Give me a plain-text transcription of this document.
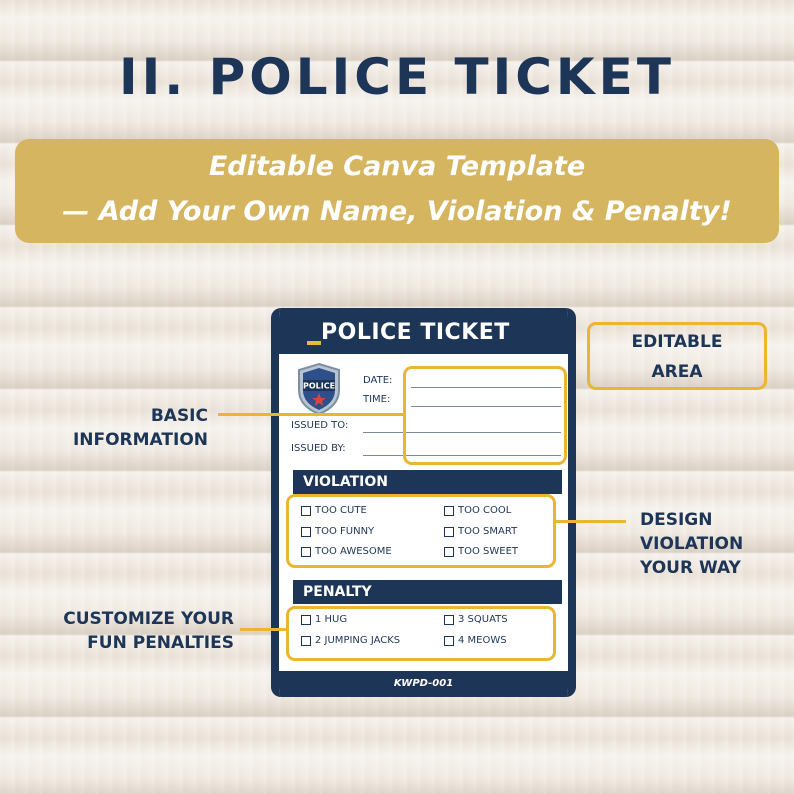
II. POLICE TICKET
Editable Canva Template
— Add Your Own Name, Violation & Penalty!
POLICE TICKET
POLICE	DATE:
TIME:
ISSUED TO:
ISSUED BY:
VIOLATION
TOO CUTE	TOO COOL
TOO FUNNY	TOO SMART
TOO AWESOME	TOO SWEET
PENALTY
1 HUG	3 SQUATS
2 JUMPING JACKS	4 MEOWS
KWPD-001
EDITABLE
AREA
BASIC
INFORMATION
DESIGN
VIOLATION
YOUR WAY
CUSTOMIZE YOUR
FUN PENALTIES
